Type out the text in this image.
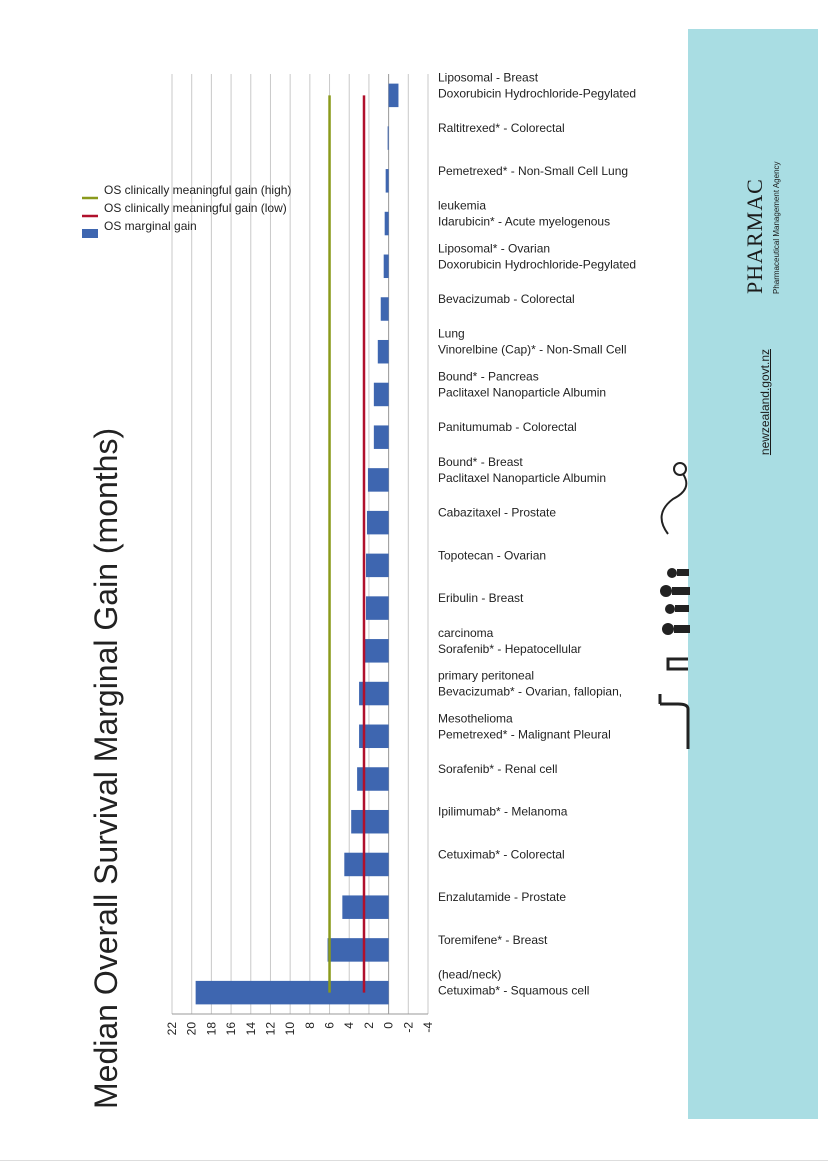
Median Overall Survival Marginal Gain (months)	22 20 18 16 14 12 10 8 6 4 2 0 -2 -4
Cetuximab* - Squamous cell
(head/neck)
Toremifene* - Breast
Enzalutamide - Prostate
Cetuximab* - Colorectal
Ipilimumab* - Melanoma
Sorafenib* - Renal cell
Pemetrexed* - Malignant Pleural
Mesothelioma
Bevacizumab* - Ovarian, fallopian,
primary peritoneal
Sorafenib* - Hepatocellular
carcinoma
Eribulin - Breast
Topotecan - Ovarian
Cabazitaxel - Prostate
Paclitaxel Nanoparticle Albumin
Bound* - Breast
Panitumumab - Colorectal
Paclitaxel Nanoparticle Albumin
Bound* - Pancreas
Vinorelbine (Cap)* - Non-Small Cell
Lung
Bevacizumab - Colorectal
Doxorubicin Hydrochloride-Pegylated
Liposomal* - Ovarian
Idarubicin* - Acute myelogenous
leukemia
Pemetrexed* - Non-Small Cell Lung
Raltitrexed* - Colorectal
Doxorubicin Hydrochloride-Pegylated
Liposomal - Breast
OS marginal gain
OS clinically meaningful gain (low)
OS clinically meaningful gain (high)
newzealand.govt.nz
PHARMAC Pharmaceutical Management Agency
